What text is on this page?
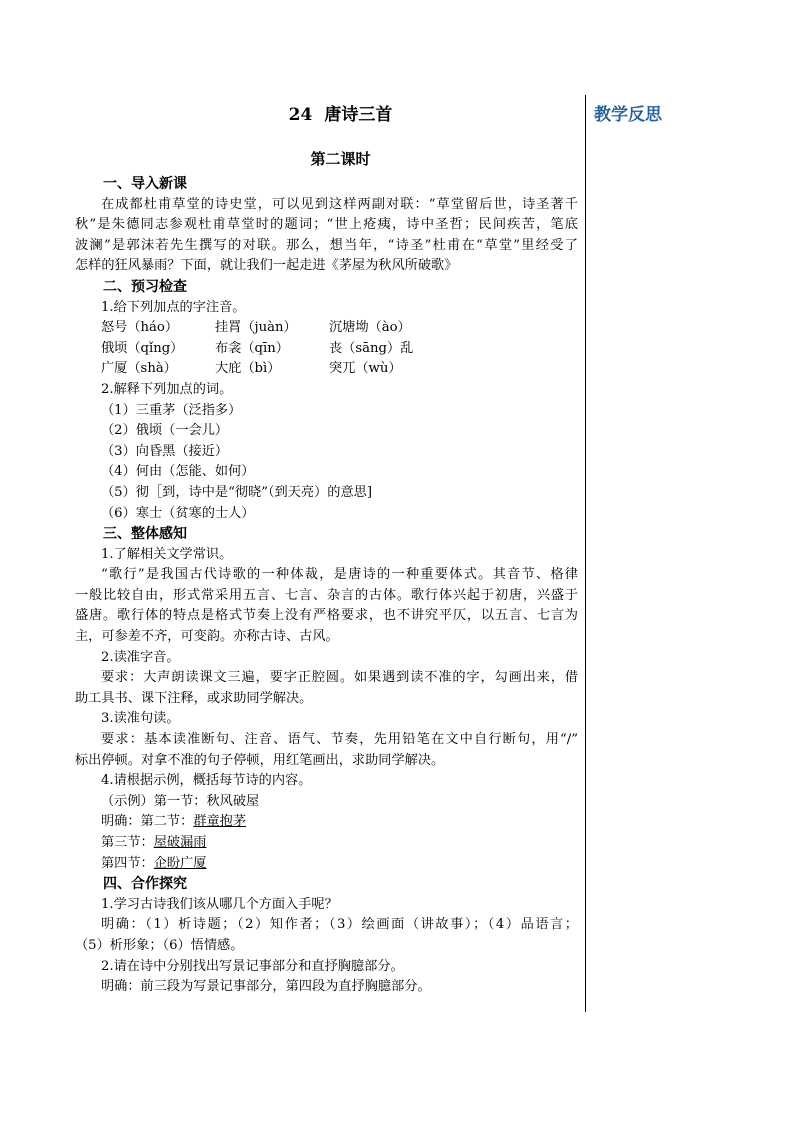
教学反思
24 唐诗三首
第二课时
一、导入新课
在成都杜甫草堂的诗史堂，可以见到这样两副对联：“草堂留后世，诗圣著千
秋”是朱德同志参观杜甫草堂时的题词；“世上疮痍，诗中圣哲；民间疾苦，笔底
波澜”是郭沫若先生撰写的对联。那么，想当年，“诗圣”杜甫在“草堂”里经受了
怎样的狂风暴雨？下面，就让我们一起走进《茅屋为秋风所破歌》
二、预习检查
1.给下列加点的字注音。
怒号（háo）	挂罥（juàn） 沉塘坳（ào）
俄顷（qǐng） 布衾（qīn）	丧（sāng）乱
广厦（shà）	大庇（bì）	突兀（wù）
2.解释下列加点的词。
（1）三重茅（泛指多）
（2）俄顷（一会儿）
（3）向昏黑（接近）
（4）何由（怎能、如何）
（5）彻［到，诗中是“彻晓”（到天亮）的意思]
（6）寒士（贫寒的士人）
三、整体感知
1.了解相关文学常识。
“歌行”是我国古代诗歌的一种体裁，是唐诗的一种重要体式。其音节、格律
一般比较自由，形式常采用五言、七言、杂言的古体。歌行体兴起于初唐，兴盛于
盛唐。歌行体的特点是格式节奏上没有严格要求，也不讲究平仄，以五言、七言为
主，可参差不齐，可变韵。亦称古诗、古风。
2.读准字音。
要求：大声朗读课文三遍，要字正腔圆。如果遇到读不准的字，勾画出来，借
助工具书、课下注释，或求助同学解决。
3.读准句读。
要求：基本读准断句、注音、语气、节奏，先用铅笔在文中自行断句，用“/”
标出停顿。对拿不准的句子停顿，用红笔画出，求助同学解决。
4.请根据示例，概括每节诗的内容。
（示例）第一节：秋风破屋
明确：第二节：群童抱茅
第三节：屋破漏雨
第四节：企盼广厦
四、合作探究
1.学习古诗我们该从哪几个方面入手呢？
明确：（1）析诗题；（2）知作者；（3）绘画面（讲故事）；（4）品语言；
（5）析形象；（6）悟情感。
2.请在诗中分别找出写景记事部分和直抒胸臆部分。
明确：前三段为写景记事部分，第四段为直抒胸臆部分。
